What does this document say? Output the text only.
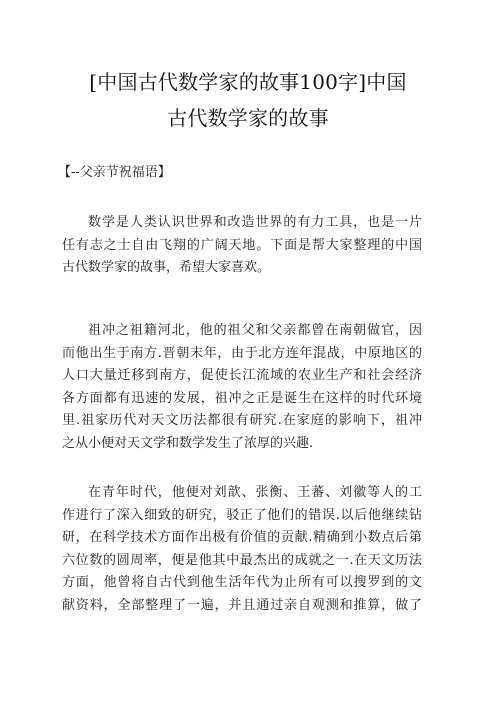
[中国古代数学家的故事100字]中国
古代数学家的故事
【--父亲节祝福语】
数学是人类认识世界和改造世界的有力工具，也是一片
任有志之士自由飞翔的广阔天地。下面是帮大家整理的中国
古代数学家的故事，希望大家喜欢。
祖冲之祖籍河北，他的祖父和父亲都曾在南朝做官，因
而他出生于南方.晋朝末年，由于北方连年混战，中原地区的
人口大量迁移到南方，促使长江流域的农业生产和社会经济
各方面都有迅速的发展，祖冲之正是诞生在这样的时代环境
里.祖家历代对天文历法都很有研究.在家庭的影响下，祖冲
之从小便对天文学和数学发生了浓厚的兴趣.
在青年时代，他便对刘歆、张衡、王蕃、刘徽等人的工
作进行了深入细致的研究，驳正了他们的错误.以后他继续钻
研，在科学技术方面作出极有价值的贡献.精确到小数点后第
六位数的圆周率，便是他其中最杰出的成就之一.在天文历法
方面，他曾将自古代到他生活年代为止所有可以搜罗到的文
献资料，全部整理了一遍，并且通过亲自观测和推算，做了
